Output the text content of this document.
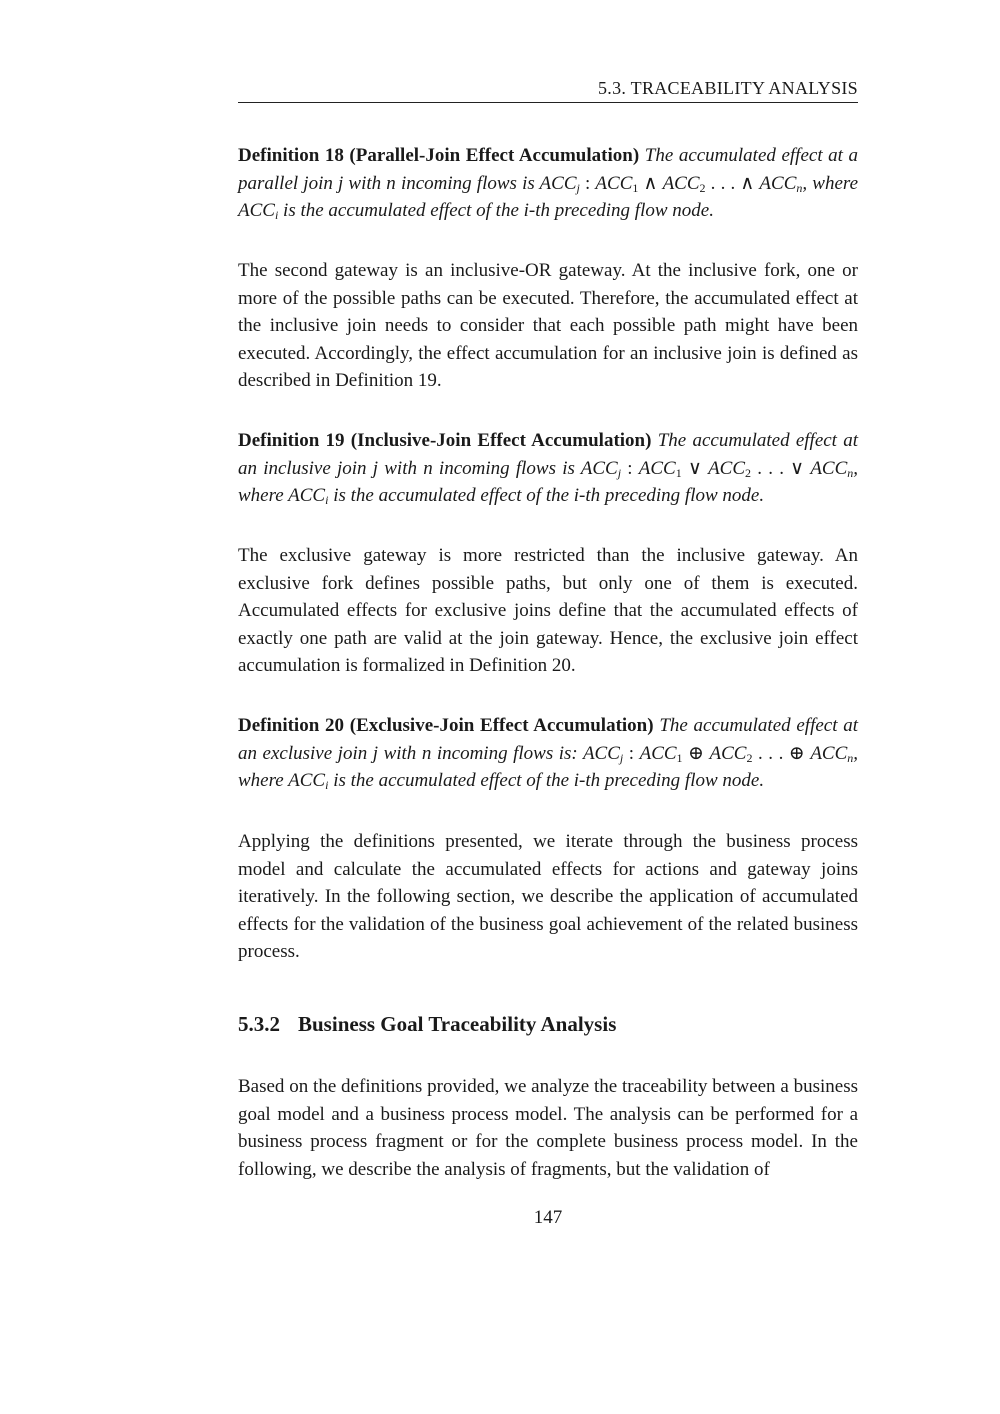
5.3. TRACEABILITY ANALYSIS

Definition 18 (Parallel-Join Effect Accumulation) The accumulated effect at a parallel join j with n incoming flows is $ACC_j$ : $ACC_1$ ∧ $ACC_2$ . . . ∧ $ACC_n$, where $ACC_i$ is the accumulated effect of the i-th preceding flow node.

The second gateway is an inclusive-OR gateway. At the inclusive fork, one or more of the possible paths can be executed. Therefore, the accumulated effect at the inclusive join needs to consider that each possible path might have been executed. Accordingly, the effect accumulation for an inclusive join is defined as described in Definition 19.

Definition 19 (Inclusive-Join Effect Accumulation) The accumulated effect at an inclusive join j with n incoming flows is $ACC_j$ : $ACC_1$ ∨ $ACC_2$ . . . ∨ $ACC_n$, where $ACC_i$ is the accumulated effect of the i-th preceding flow node.

The exclusive gateway is more restricted than the inclusive gateway. An exclusive fork defines possible paths, but only one of them is executed. Accumulated effects for exclusive joins define that the accumulated effects of exactly one path are valid at the join gateway. Hence, the exclusive join effect accumulation is formalized in Definition 20.

Definition 20 (Exclusive-Join Effect Accumulation) The accumulated effect at an exclusive join j with n incoming flows is: $ACC_j$ : $ACC_1$ ⊕ $ACC_2$ . . . ⊕ $ACC_n$, where $ACC_i$ is the accumulated effect of the i-th preceding flow node.

Applying the definitions presented, we iterate through the business process model and calculate the accumulated effects for actions and gateway joins iteratively. In the following section, we describe the application of accumulated effects for the validation of the business goal achievement of the related business process.

5.3.2 Business Goal Traceability Analysis

Based on the definitions provided, we analyze the traceability between a business goal model and a business process model. The analysis can be performed for a business process fragment or for the complete business process model. In the following, we describe the analysis of fragments, but the validation of

147
